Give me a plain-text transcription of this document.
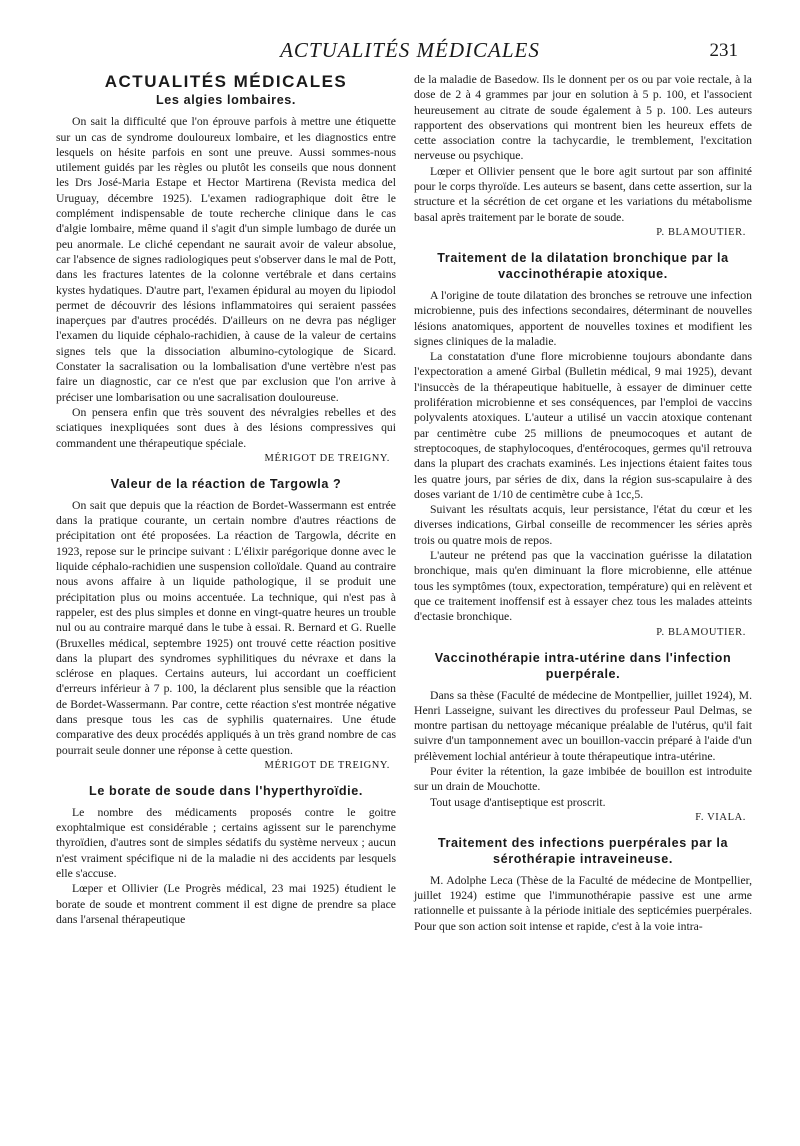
ACTUALITÉS MÉDICALES	231
ACTUALITÉS MÉDICALES
Les algies lombaires.

On sait la difficulté que l'on éprouve parfois à mettre une étiquette sur un cas de syndrome douloureux lombaire, et les diagnostics entre lesquels on hésite parfois en sont une preuve. Aussi sommes-nous utilement guidés par les règles ou plutôt les conseils que nous donnent les Drs José-Maria Estape et Hector Martirena (Revista medica del Uruguay, décembre 1925). L'examen radiographique doit être le complément indispensable de toute recherche clinique dans le cas d'algie lombaire, même quand il s'agit d'un simple lumbago de durée un peu anormale. Le cliché cependant ne saurait avoir de valeur absolue, car l'absence de signes radiologiques peut s'observer dans le mal de Pott, dans les fractures latentes de la colonne vertébrale et dans certains kystes hydatiques. D'autre part, l'examen épidural au moyen du lipiodol permet de découvrir des lésions inflammatoires qui seraient passées inaperçues par d'autres procédés. D'ailleurs on ne devra pas négliger l'examen du liquide céphalo-rachidien, à cause de la valeur de certains signes tels que la dissociation albumino-cytologique de Sicard. Constater la sacralisation ou la lombalisation d'une vertèbre n'est pas faire un diagnostic, car ce n'est que par exclusion que l'on arrive à préciser une lombarisation ou une sacralisation douloureuse.

On pensera enfin que très souvent des névralgies rebelles et des sciatiques inexpliquées sont dues à des lésions compressives qui commandent une thérapeutique spéciale.

MÉRIGOT DE TREIGNY.
Valeur de la réaction de Targowla ?

On sait que depuis que la réaction de Bordet-Wassermann est entrée dans la pratique courante, un certain nombre d'autres réactions de précipitation ont été proposées. La réaction de Targowla, décrite en 1923, repose sur le principe suivant : L'élixir parégorique donne avec le liquide céphalo-rachidien une suspension colloïdale. Quand au contraire nous avons affaire à un liquide pathologique, il se produit une précipitation plus ou moins accentuée. La technique, qui n'est pas à rappeler, est des plus simples et donne en vingt-quatre heures un trouble nul ou au contraire marqué dans le tube à essai. R. Bernard et G. Ruelle (Bruxelles médical, septembre 1925) ont trouvé cette réaction positive dans la plupart des syndromes syphilitiques du névraxe et dans la sclérose en plaques. Certains auteurs, lui accordant un coefficient d'erreurs inférieur à 7 p. 100, la déclarent plus sensible que la réaction de Bordet-Wassermann. Par contre, cette réaction s'est montrée négative dans presque tous les cas de syphilis quaternaires. Une étude comparative des deux procédés appliqués à un très grand nombre de cas pourrait seule donner une réponse à cette question.

MÉRIGOT DE TREIGNY.
Le borate de soude dans l'hyperthyroïdie.

Le nombre des médicaments proposés contre le goitre exophtalmique est considérable ; certains agissent sur le parenchyme thyroïdien, d'autres sont de simples sédatifs du système nerveux ; aucun n'est vraiment spécifique ni de la maladie ni des accidents par lesquels elle s'accuse.

Lœper et Ollivier (Le Progrès médical, 23 mai 1925) étudient le borate de soude et montrent comment il est digne de prendre sa place dans l'arsenal thérapeutique

de la maladie de Basedow. Ils le donnent per os ou par voie rectale, à la dose de 2 à 4 grammes par jour en solution à 5 p. 100, et l'associent heureusement au citrate de soude également à 5 p. 100. Les auteurs rapportent des observations qui montrent bien les heureux effets de cette association contre la tachycardie, le tremblement, l'excitation nerveuse ou psychique.

Lœper et Ollivier pensent que le bore agit surtout par son affinité pour le corps thyroïde. Les auteurs se basent, dans cette assertion, sur la structure et la sécrétion de cet organe et les variations du métabolisme basal après traitement par le borate de soude.

P. BLAMOUTIER.
Traitement de la dilatation bronchique par la vaccinothérapie atoxique.

A l'origine de toute dilatation des bronches se retrouve une infection microbienne, puis des infections secondaires, déterminant de nouvelles lésions anatomiques, apportent de nouvelles toxines et modifient les signes cliniques de la maladie.

La constatation d'une flore microbienne toujours abondante dans l'expectoration a amené Girbal (Bulletin médical, 9 mai 1925), devant l'insuccès de la thérapeutique habituelle, à essayer de diminuer cette prolifération microbienne et ses conséquences, par l'emploi de vaccins polyvalents atoxiques. L'auteur a utilisé un vaccin atoxique contenant par centimètre cube 25 millions de pneumocoques et autant de streptocoques, de staphylocoques, d'entérocoques, germes qu'il retrouva dans la plupart des crachats examinés. Les injections étaient faites tous les quatre jours, par séries de dix, dans la région sus-scapulaire à des doses variant de 1/10 de centimètre cube à 1cc,5.

Suivant les résultats acquis, leur persistance, l'état du cœur et les diverses indications, Girbal conseille de recommencer les séries après trois ou quatre mois de repos.

L'auteur ne prétend pas que la vaccination guérisse la dilatation bronchique, mais qu'en diminuant la flore microbienne, elle atténue tous les symptômes (toux, expectoration, température) qui en relèvent et que ce traitement inoffensif est à essayer chez tous les malades atteints d'ectasie bronchique.

P. BLAMOUTIER.
Vaccinothérapie intra-utérine dans l'infection puerpérale.

Dans sa thèse (Faculté de médecine de Montpellier, juillet 1924), M. Henri Lasseigne, suivant les directives du professeur Paul Delmas, se montre partisan du nettoyage mécanique préalable de l'utérus, qu'il fait suivre d'un tamponnement avec un bouillon-vaccin préparé à l'aide d'un prélèvement lochial antérieur à toute thérapeutique intra-utérine.

Pour éviter la rétention, la gaze imbibée de bouillon est introduite sur un drain de Mouchotte.

Tout usage d'antiseptique est proscrit.

F. VIALA.
Traitement des infections puerpérales par la sérothérapie intraveineuse.

M. Adolphe Leca (Thèse de la Faculté de médecine de Montpellier, juillet 1924) estime que l'immunothérapie passive est une arme rationnelle et puissante à la période initiale des septicémies puerpérales. Pour que son action soit intense et rapide, c'est à la voie intra-
